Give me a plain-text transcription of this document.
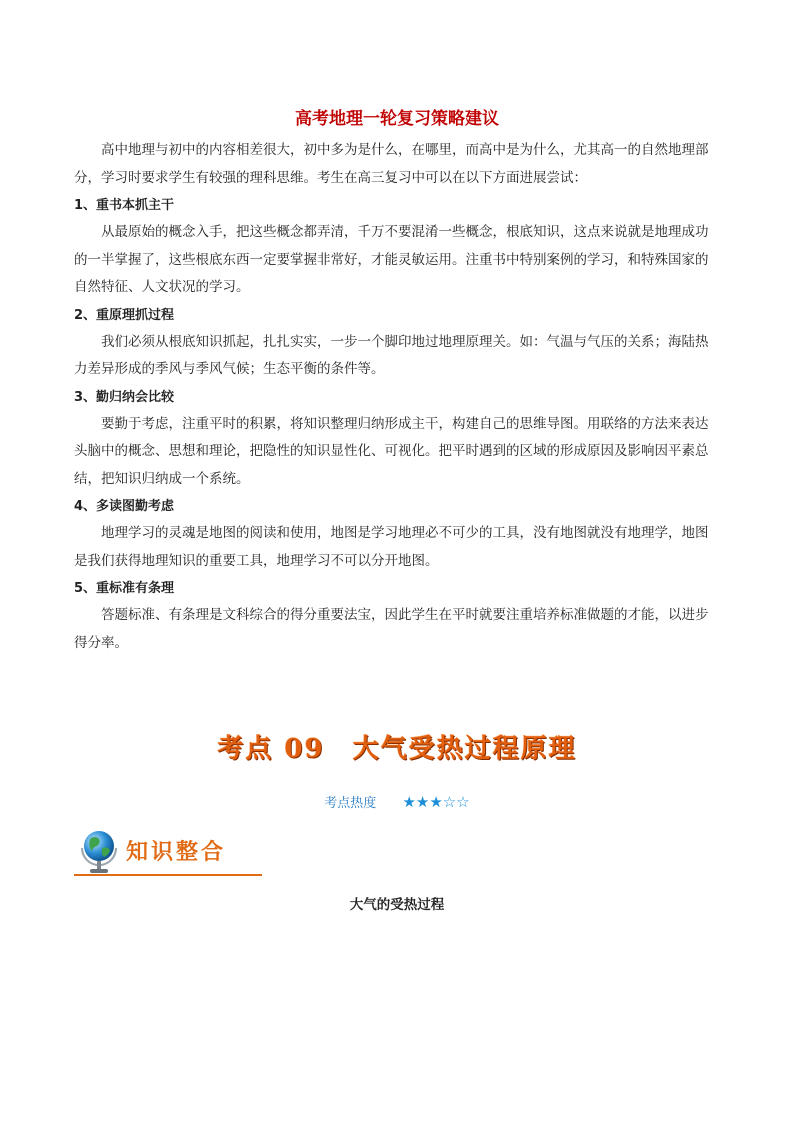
高考地理一轮复习策略建议

高中地理与初中的内容相差很大，初中多为是什么，在哪里，而高中是为什么，尤其高一的自然地理部分，学习时要求学生有较强的理科思维。考生在高三复习中可以在以下方面进展尝试：

1、重书本抓主干

从最原始的概念入手，把这些概念都弄清，千万不要混淆一些概念，根底知识，这点来说就是地理成功的一半掌握了，这些根底东西一定要掌握非常好，才能灵敏运用。注重书中特别案例的学习，和特殊国家的自然特征、人文状况的学习。

2、重原理抓过程

我们必须从根底知识抓起，扎扎实实，一步一个脚印地过地理原理关。如：气温与气压的关系；海陆热力差异形成的季风与季风气候；生态平衡的条件等。

3、勤归纳会比较

要勤于考虑，注重平时的积累，将知识整理归纳形成主干，构建自己的思维导图。用联络的方法来表达头脑中的概念、思想和理论，把隐性的知识显性化、可视化。把平时遇到的区域的形成原因及影响因平素总结，把知识归纳成一个系统。

4、多读图勤考虑

地理学习的灵魂是地图的阅读和使用，地图是学习地理必不可少的工具，没有地图就没有地理学，地图是我们获得地理知识的重要工具，地理学习不可以分开地图。

5、重标准有条理

答题标准、有条理是文科综合的得分重要法宝，因此学生在平时就要注重培养标准做题的才能，以进步得分率。

考点 09　大气受热过程原理
考点热度 ★★★☆☆
知识整合
大气的受热过程
